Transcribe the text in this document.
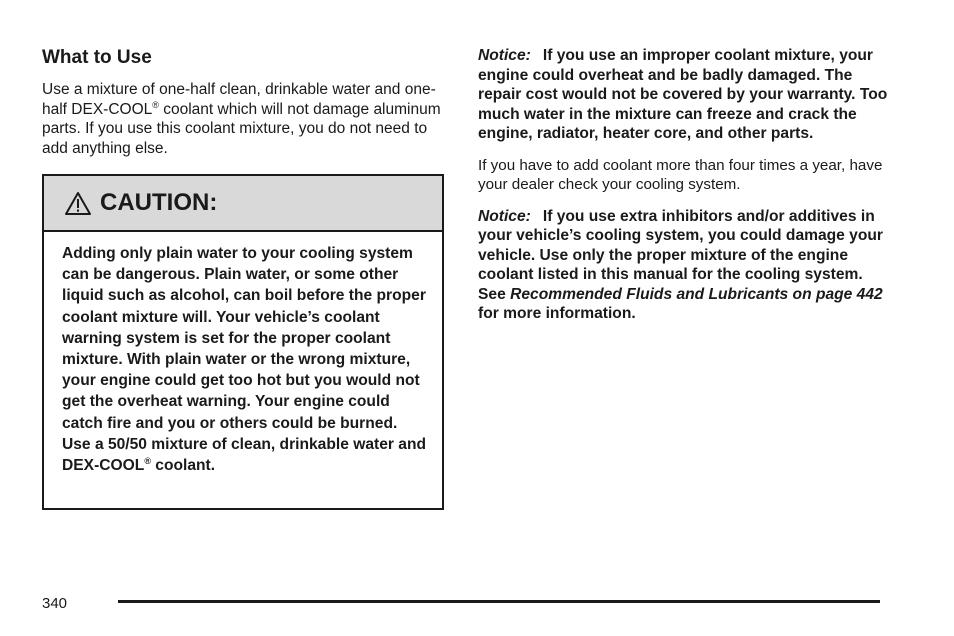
What to Use

Use a mixture of one-half clean, drinkable water and one-half DEX-COOL® coolant which will not damage aluminum parts. If you use this coolant mixture, you do not need to add anything else.

CAUTION:
Adding only plain water to your cooling system can be dangerous. Plain water, or some other liquid such as alcohol, can boil before the proper coolant mixture will. Your vehicle’s coolant warning system is set for the proper coolant mixture. With plain water or the wrong mixture, your engine could get too hot but you would not get the overheat warning. Your engine could catch fire and you or others could be burned. Use a 50/50 mixture of clean, drinkable water and DEX-COOL® coolant.

Notice: If you use an improper coolant mixture, your engine could overheat and be badly damaged. The repair cost would not be covered by your warranty. Too much water in the mixture can freeze and crack the engine, radiator, heater core, and other parts.

If you have to add coolant more than four times a year, have your dealer check your cooling system.

Notice: If you use extra inhibitors and/or additives in your vehicle’s cooling system, you could damage your vehicle. Use only the proper mixture of the engine coolant listed in this manual for the cooling system. See Recommended Fluids and Lubricants on page 442 for more information.

340
